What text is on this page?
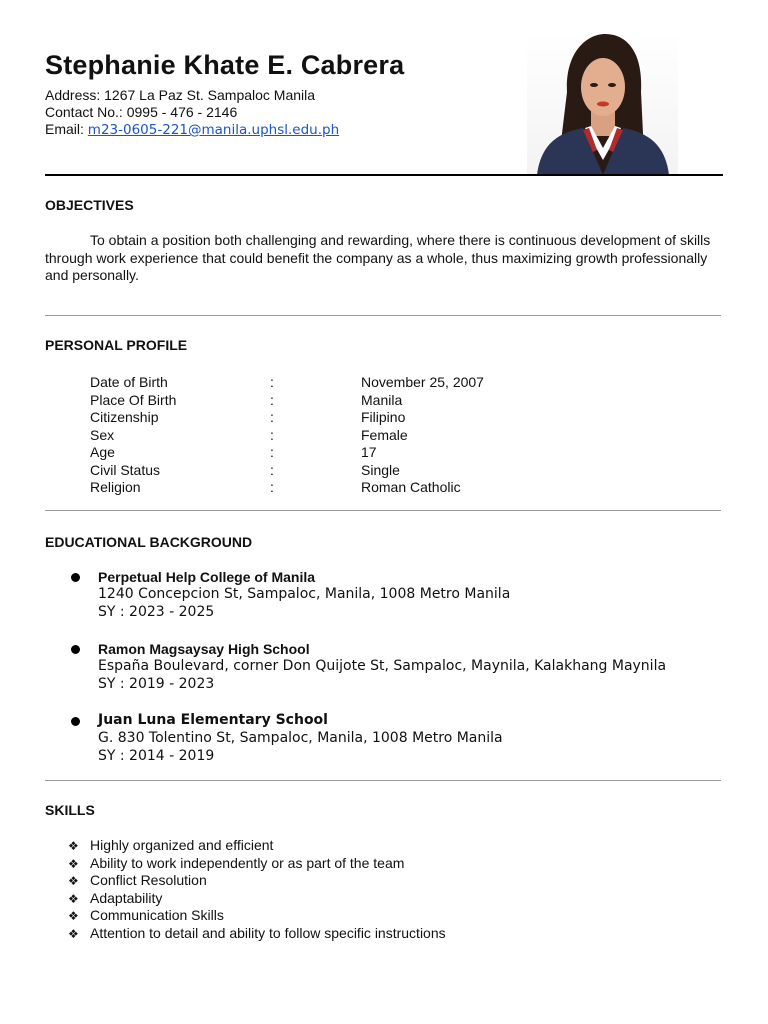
Stephanie Khate E. Cabrera
Address: 1267 La Paz St. Sampaloc Manila
Contact No.: 0995 - 476 - 2146
Email: m23-0605-221@manila.uphsl.edu.ph
OBJECTIVES
To obtain a position both challenging and rewarding, where there is continuous development of skills through work experience that could benefit the company as a whole, thus maximizing growth professionally and personally.
PERSONAL PROFILE
Date of Birth	:	November 25, 2007
Place Of Birth	:	Manila
Citizenship	:	Filipino
Sex	:	Female
Age	:	17
Civil Status	:	Single
Religion	:	Roman Catholic
EDUCATIONAL BACKGROUND
Perpetual Help College of Manila
1240 Concepcion St, Sampaloc, Manila, 1008 Metro Manila
SY : 2023 - 2025
Ramon Magsaysay High School
España Boulevard, corner Don Quijote St, Sampaloc, Maynila, Kalakhang Maynila
SY : 2019 - 2023
Juan Luna Elementary School
G. 830 Tolentino St, Sampaloc, Manila, 1008 Metro Manila
SY : 2014 - 2019
SKILLS
❖ Highly organized and efficient
❖ Ability to work independently or as part of the team
❖ Conflict Resolution
❖ Adaptability
❖ Communication Skills
❖ Attention to detail and ability to follow specific instructions
